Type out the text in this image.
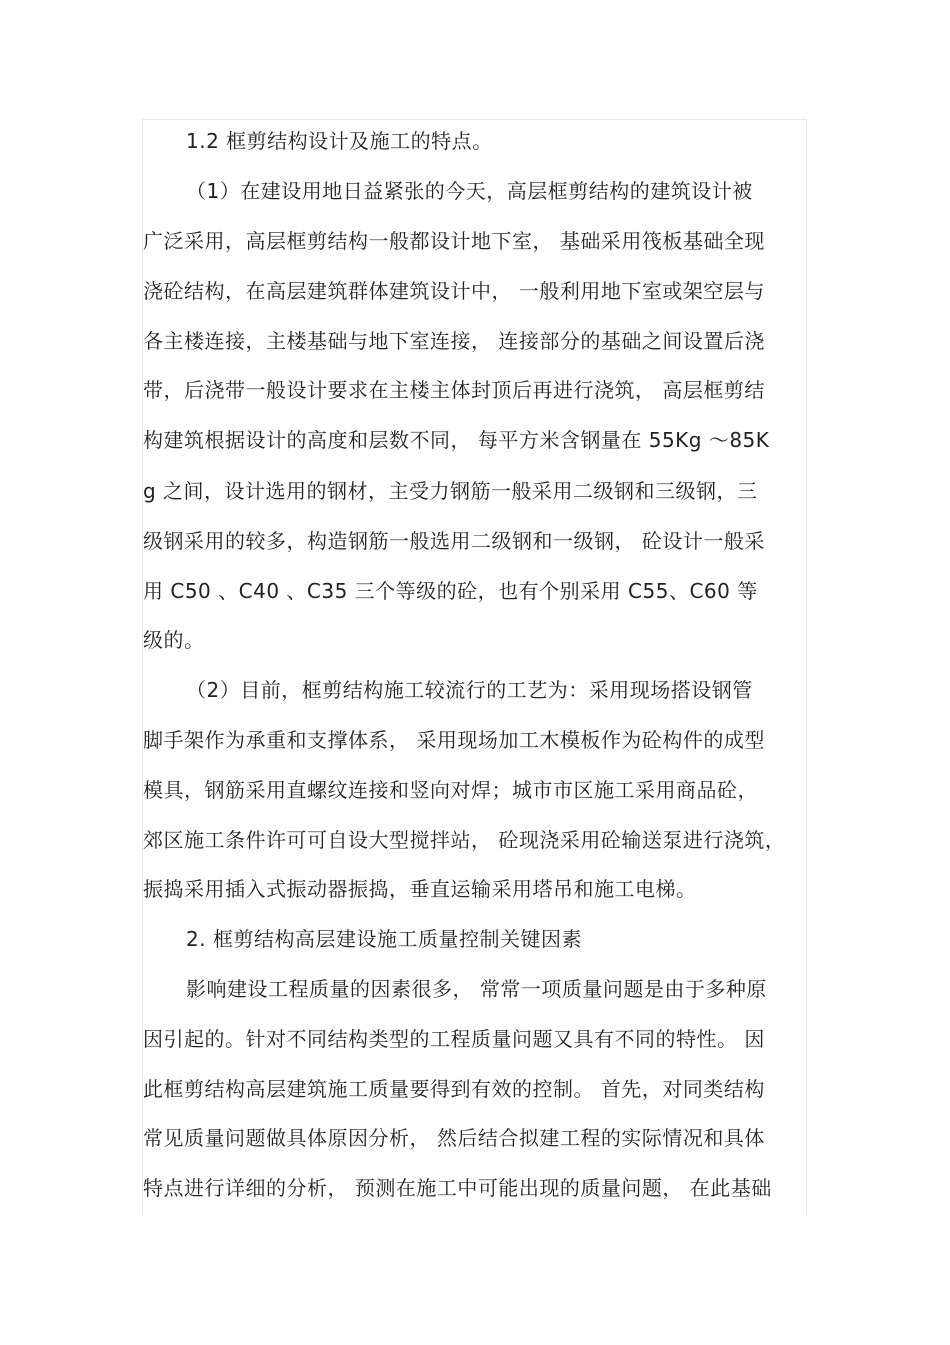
1.2 框剪结构设计及施工的特点。
（1）在建设用地日益紧张的今天，高层框剪结构的建筑设计被
广泛采用，高层框剪结构一般都设计地下室， 基础采用筏板基础全现
浇砼结构，在高层建筑群体建筑设计中， 一般利用地下室或架空层与
各主楼连接，主楼基础与地下室连接， 连接部分的基础之间设置后浇
带，后浇带一般设计要求在主楼主体封顶后再进行浇筑， 高层框剪结
构建筑根据设计的高度和层数不同， 每平方米含钢量在 55Kg ～85K
g 之间，设计选用的钢材，主受力钢筋一般采用二级钢和三级钢，三
级钢采用的较多，构造钢筋一般选用二级钢和一级钢， 砼设计一般采
用 C50 、C40 、C35 三个等级的砼，也有个别采用 C55、C60 等
级的。
（2）目前，框剪结构施工较流行的工艺为：采用现场搭设钢管
脚手架作为承重和支撑体系， 采用现场加工木模板作为砼构件的成型
模具，钢筋采用直螺纹连接和竖向对焊；城市市区施工采用商品砼，
郊区施工条件许可可自设大型搅拌站， 砼现浇采用砼输送泵进行浇筑，
振捣采用插入式振动器振捣，垂直运输采用塔吊和施工电梯。
2. 框剪结构高层建设施工质量控制关键因素
影响建设工程质量的因素很多， 常常一项质量问题是由于多种原
因引起的。针对不同结构类型的工程质量问题又具有不同的特性。 因
此框剪结构高层建筑施工质量要得到有效的控制。 首先，对同类结构
常见质量问题做具体原因分析， 然后结合拟建工程的实际情况和具体
特点进行详细的分析， 预测在施工中可能出现的质量问题， 在此基础
